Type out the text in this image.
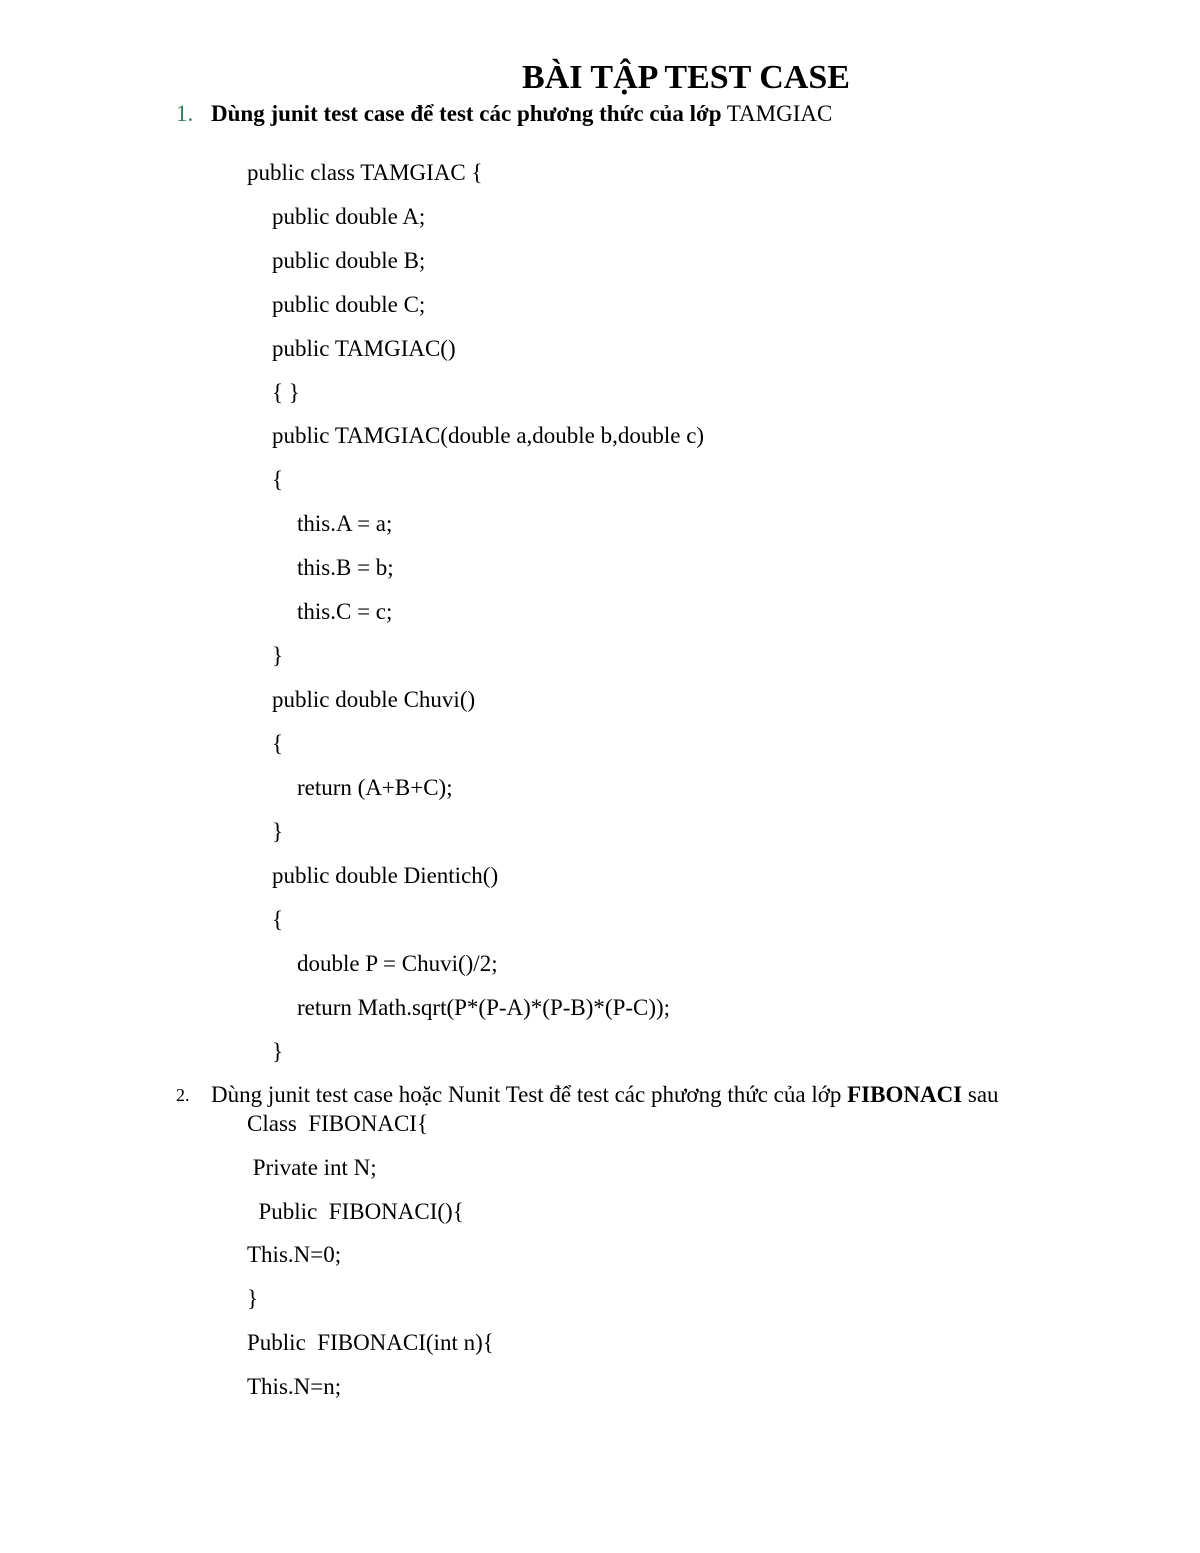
BÀI TẬP TEST CASE
1. Dùng junit test case để test các phương thức của lớp TAMGIAC
public class TAMGIAC {
public double A;
public double B;
public double C;
public TAMGIAC()
{ }
public TAMGIAC(double a,double b,double c)
{
this.A = a;
this.B = b;
this.C = c;
}
public double Chuvi()
{
return (A+B+C);
}
public double Dientich()
{
double P = Chuvi()/2;
return Math.sqrt(P*(P-A)*(P-B)*(P-C));
}
2. Dùng junit test case hoặc Nunit Test để test các phương thức của lớp FIBONACI sau
Class  FIBONACI{
Private int N;
Public  FIBONACI(){
This.N=0;
}
Public  FIBONACI(int n){
This.N=n;
